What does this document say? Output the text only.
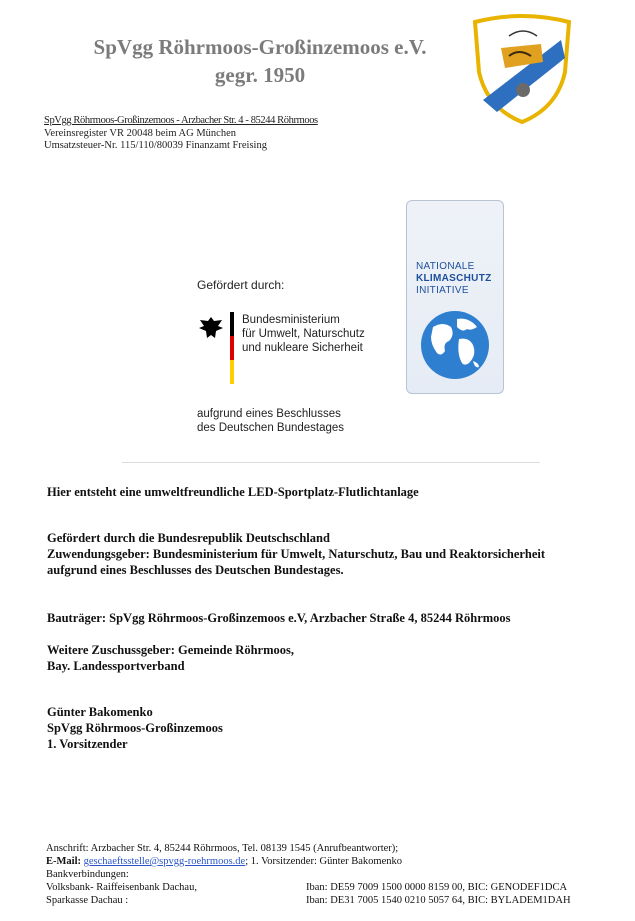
SpVgg Röhrmoos-Großinzemoos e.V.
gegr. 1950
SpVgg Röhrmoos-Großinzemoos - Arzbacher Str. 4 - 85244 Röhrmoos
Vereinsregister VR 20048 beim AG München
Umsatzsteuer-Nr. 115/110/80039 Finanzamt Freising
Gefördert durch:
Bundesministerium
für Umwelt, Naturschutz
und nukleare Sicherheit
aufgrund eines Beschlusses
des Deutschen Bundestages
NATIONALE
KLIMASCHUTZ
INITIATIVE
Hier entsteht eine umweltfreundliche LED-Sportplatz-Flutlichtanlage
Gefördert durch die Bundesrepublik Deutschschland
Zuwendungsgeber: Bundesministerium für Umwelt, Naturschutz, Bau und Reaktorsicherheit
aufgrund eines Beschlusses des Deutschen Bundestages.
Bauträger: SpVgg Röhrmoos-Großinzemoos e.V, Arzbacher Straße 4, 85244 Röhrmoos
Weitere Zuschussgeber: Gemeinde Röhrmoos,
Bay. Landessportverband
Günter Bakomenko
SpVgg Röhrmoos-Großinzemoos
1. Vorsitzender
Anschrift: Arzbacher Str. 4, 85244 Röhrmoos, Tel. 08139 1545 (Anrufbeantworter);
E-Mail: geschaeftsstelle@spvgg-roehrmoos.de; 1. Vorsitzender: Günter Bakomenko
Bankverbindungen:
Volksbank- Raiffeisenbank Dachau,	Iban: DE59 7009 1500 0000 8159 00, BIC: GENODEF1DCA
Sparkasse Dachau :	Iban: DE31 7005 1540 0210 5057 64, BIC: BYLADEM1DAH
